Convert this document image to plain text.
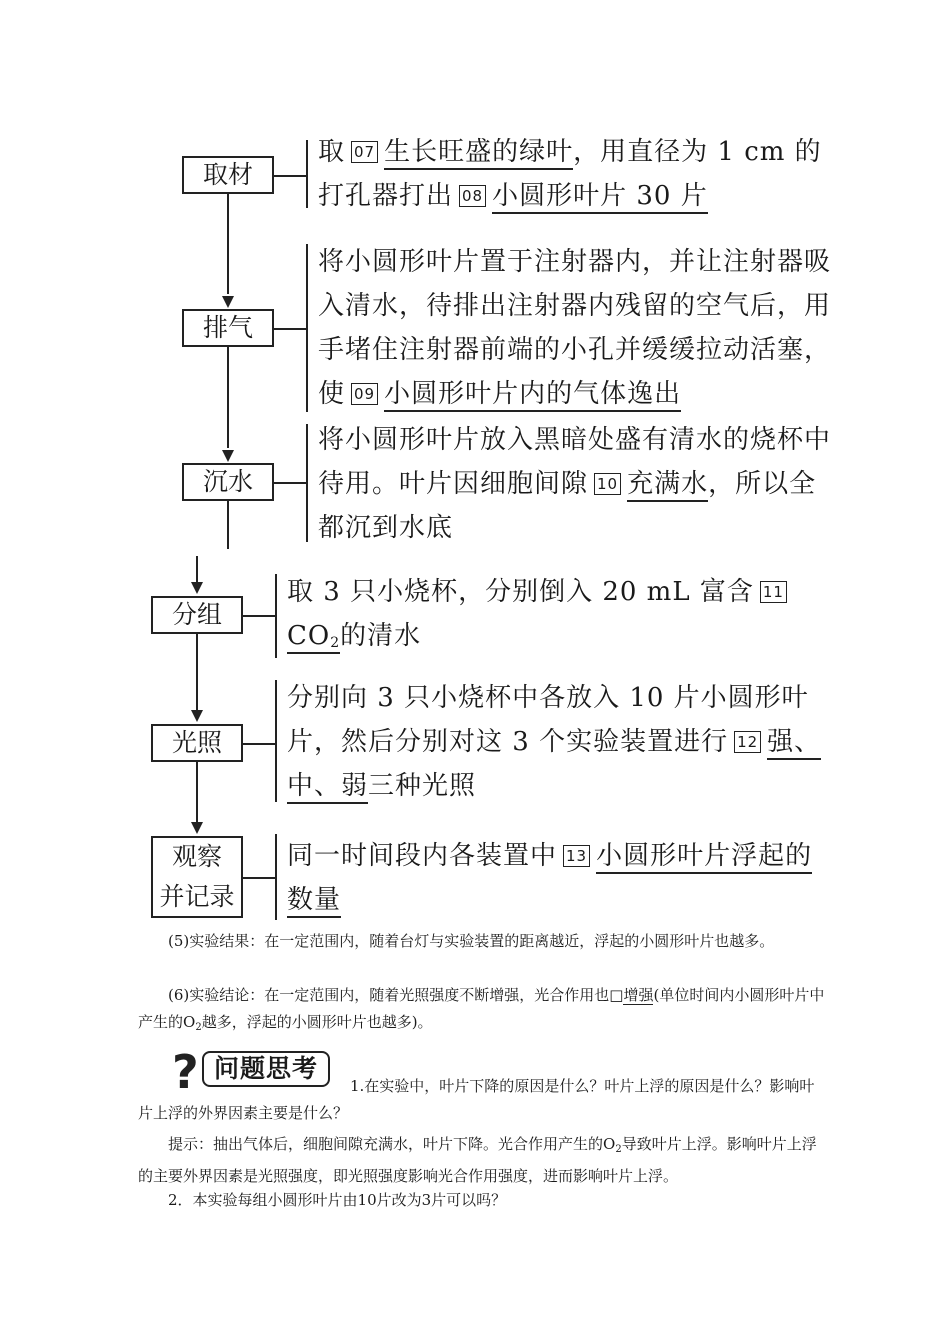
取材
排气
沉水
分组
光照
观察
并记录
取 07 生长旺盛的绿叶，用直径为 1 cm 的打孔器打出 08 小圆形叶片 30 片
将小圆形叶片置于注射器内，并让注射器吸入清水，待排出注射器内残留的空气后，用手堵住注射器前端的小孔并缓缓拉动活塞，使 09 小圆形叶片内的气体逸出
将小圆形叶片放入黑暗处盛有清水的烧杯中待用。叶片因细胞间隙 10 充满水，所以全都沉到水底
取 3 只小烧杯，分别倒入 20 mL 富含 $11CO_2$的清水
分别向 3 只小烧杯中各放入 10 片小圆形叶片，然后分别对这 3 个实验装置进行 12 强、中、弱三种光照
同一时间段内各装置中 13 小圆形叶片浮起的数量
(5)实验结果：在一定范围内，随着台灯与实验装置的距离越近，浮起的小圆形叶片也越多。
(6)实验结论：在一定范围内，随着光照强度不断增强，光合作用也□增强(单位时间内小圆形叶片中产生的$O_2$越多，浮起的小圆形叶片也越多)。
? 问题思考
1.在实验中，叶片下降的原因是什么？叶片上浮的原因是什么？影响叶片上浮的外界因素主要是什么？
提示：抽出气体后，细胞间隙充满水，叶片下降。光合作用产生的$O_2$导致叶片上浮。影响叶片上浮的主要外界因素是光照强度，即光照强度影响光合作用强度，进而影响叶片上浮。
2．本实验每组小圆形叶片由10片改为3片可以吗？
